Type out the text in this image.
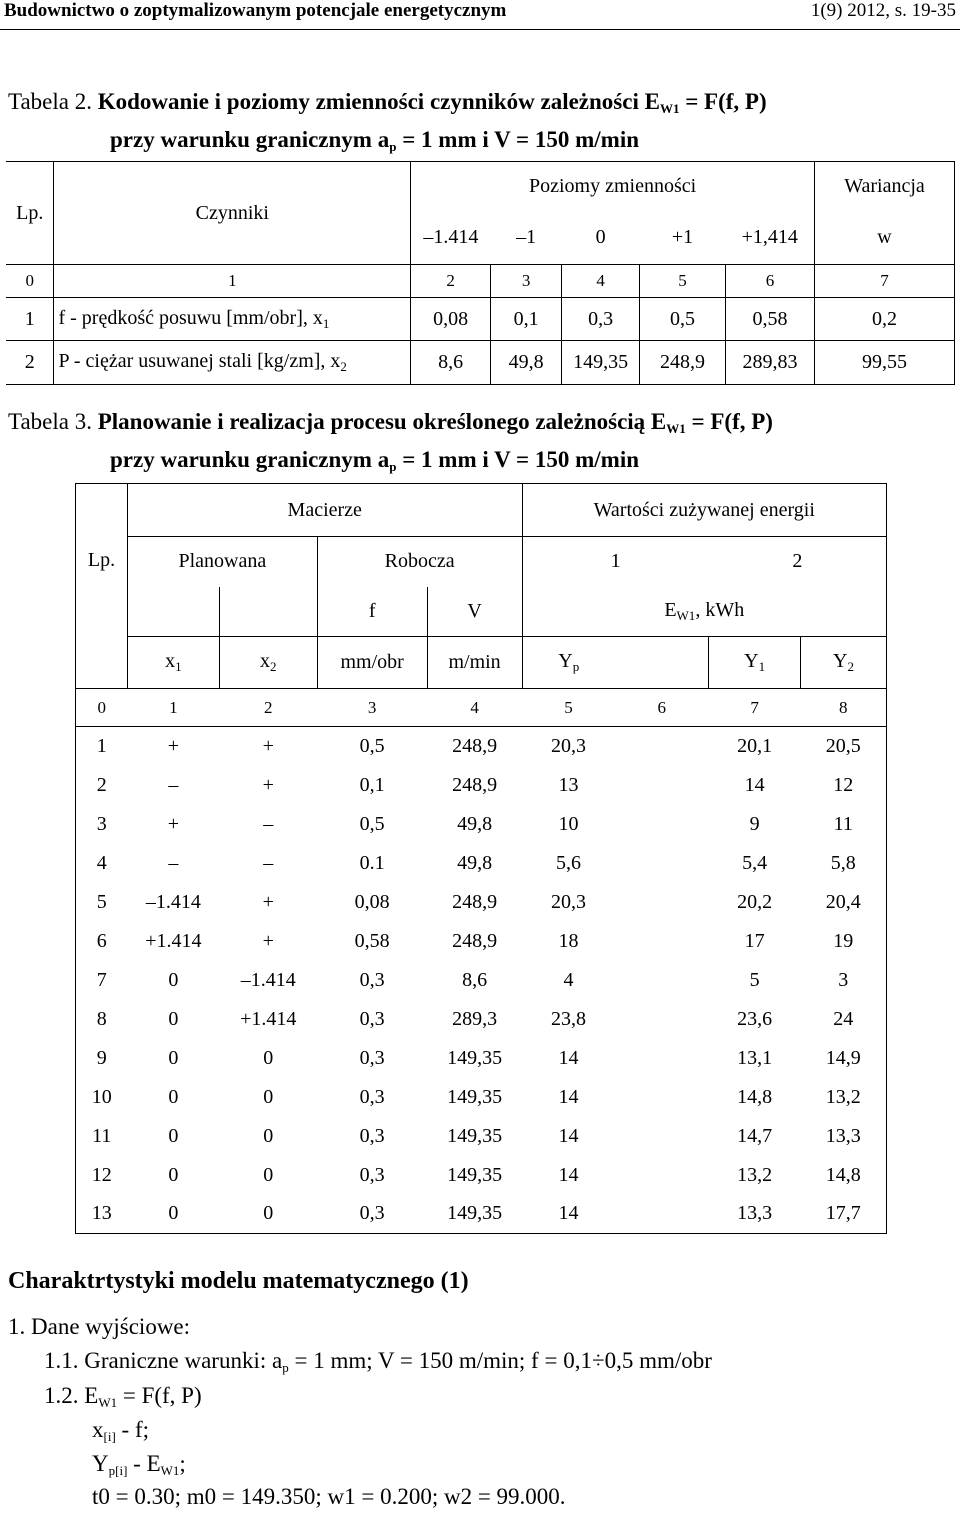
Budownictwo o zoptymalizowanym potencjale energetycznym	1(9) 2012, s. 19-35
Tabela 2. Kodowanie i poziomy zmienności czynników zależności EW1 = F(f, P)
przy warunku granicznym ap = 1 mm i V = 150 m/min
Lp.	Czynniki	Poziomy zmienności					Wariancja
		–1.414	–1	0	+1	+1,414	w
0	1	2	3	4	5	6	7
1	f - prędkość posuwu [mm/obr], $x_1$	0,08	0,1	0,3	0,5	0,58	0,2
2	P - ciężar usuwanej stali [kg/zm], $x_2$	8,6	49,8	149,35	248,9	289,83	99,55
Tabela 3. Planowanie i realizacja procesu określonego zależnością EW1 = F(f, P)
przy warunku granicznym ap = 1 mm i V = 150 m/min
Lp.	Macierze				Wartości zużywanej energii			
	Planowana		Robocza		1		2	
			f	V	$E_{W1}$, kWh			
	$x_1$	$x_2$	mm/obr	m/min	$Y_p$		$Y_1$	$Y_2$
0	1	2	3	4	5	6	7	8
1	+	+	0,5	248,9	20,3		20,1	20,5
2	–	+	0,1	248,9	13		14	12
3	+	–	0,5	49,8	10		9	11
4	–	–	0.1	49,8	5,6		5,4	5,8
5	–1.414	+	0,08	248,9	20,3		20,2	20,4
6	+1.414	+	0,58	248,9	18		17	19
7	0	–1.414	0,3	8,6	4		5	3
8	0	+1.414	0,3	289,3	23,8		23,6	24
9	0	0	0,3	149,35	14		13,1	14,9
10	0	0	0,3	149,35	14		14,8	13,2
11	0	0	0,3	149,35	14		14,7	13,3
12	0	0	0,3	149,35	14		13,2	14,8
13	0	0	0,3	149,35	14		13,3	17,7
Charaktrtystyki modelu matematycznego (1)
1. Dane wyjściowe:
1.1. Graniczne warunki: ap = 1 mm; V = 150 m/min; f = 0,1÷0,5 mm/obr
1.2. EW1 = F(f, P)
x[i] - f;
Yp[i] - EW1;
t0 = 0.30; m0 = 149.350; w1 = 0.200; w2 = 99.000.
